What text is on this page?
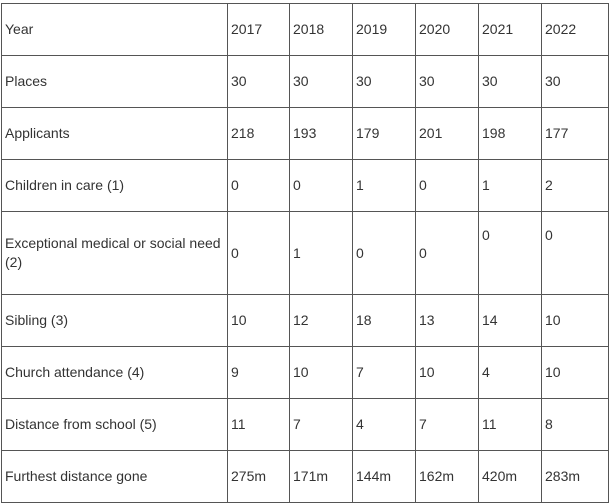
Year	2017	2018	2019	2020	2021	2022
Places	30	30	30	30	30	30
Applicants	218	193	179	201	198	177
Children in care (1)	0	0	1	0	1	2
Exceptional medical or social need (2)	0	1	0	0	0	0
Sibling (3)	10	12	18	13	14	10
Church attendance (4)	9	10	7	10	4	10
Distance from school (5)	11	7	4	7	11	8
Furthest distance gone	275m	171m	144m	162m	420m	283m
